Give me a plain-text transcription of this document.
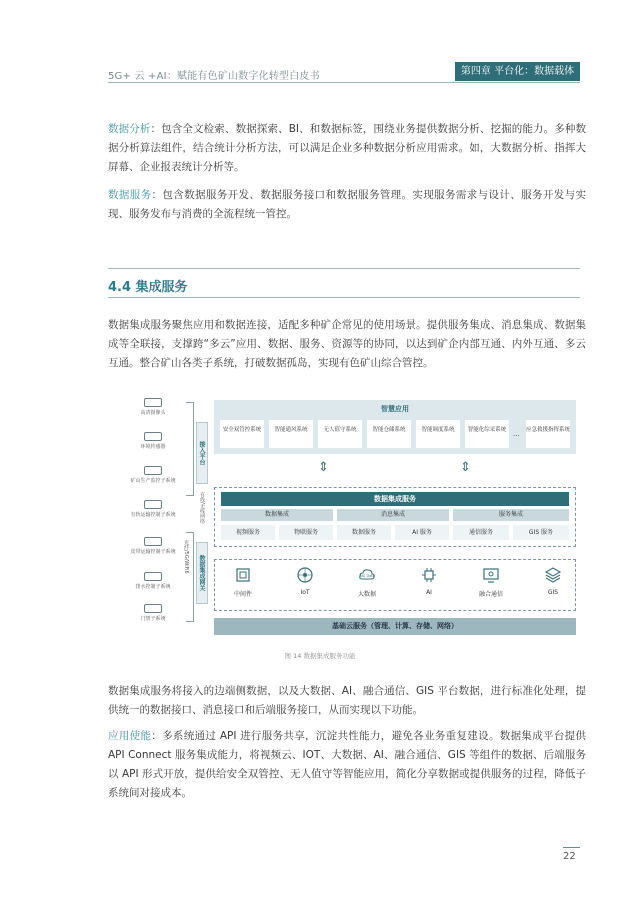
5G+ 云 +AI：赋能有色矿山数字化转型白皮书	第四章 平台化：数据载体
数据分析：包含全文检索、数据探索、BI、和数据标签，围绕业务提供数据分析、挖掘的能力。多种数据分析算法组件，结合统计分析方法，可以满足企业多种数据分析应用需求。如，大数据分析、指挥大屏幕、企业报表统计分析等。
数据服务：包含数据服务开发、数据服务接口和数据服务管理。实现服务需求与设计、服务开发与实现、服务发布与消费的全流程统一管控。
4.4 集成服务
数据集成服务聚焦应用和数据连接，适配多种矿企常见的使用场景。提供服务集成、消息集成、数据集成等全联接，支撑跨“多云”应用、数据、服务、资源等的协同，以达到矿企内部互通、内外互通、多云互通。整合矿山各类子系统，打破数据孤岛，实现有色矿山综合管控。
高清摄像头
环境传感器
矿山生产监控子系统
有轨运输控制子系统
皮带运输控制子系统
排水控制子系统
门禁子系统
接入平台
有线/无线网络
光纤/5G/WiFi6	数据集成网关
智慧应用
安全双管控系统	智能通风系统	无人值守系统	智能仓储系统	智能调度系统	智能化综采系统 ... 应急救援指挥系统
⇕	⇕
数据集成服务
数据集成	消息集成	服务集成
视频服务	物联服务	数据服务	AI 服务	通信服务	GIS 服务
中间件	IoT
BIG Data
大数据	AI	融合通信	GIS
基础云服务（管理、计算、存储、网络）
图 14 数据集成服务功能
数据集成服务将接入的边端侧数据，以及大数据、AI、融合通信、GIS 平台数据，进行标准化处理，提供统一的数据接口、消息接口和后端服务接口，从而实现以下功能。
应用使能：多系统通过 API 进行服务共享，沉淀共性能力，避免各业务重复建设。数据集成平台提供 API Connect 服务集成能力，将视频云、IOT、大数据、AI、融合通信、GIS 等组件的数据、后端服务以 API 形式开放，提供给安全双管控、无人值守等智能应用，简化分享数据或提供服务的过程，降低子系统间对接成本。
22
